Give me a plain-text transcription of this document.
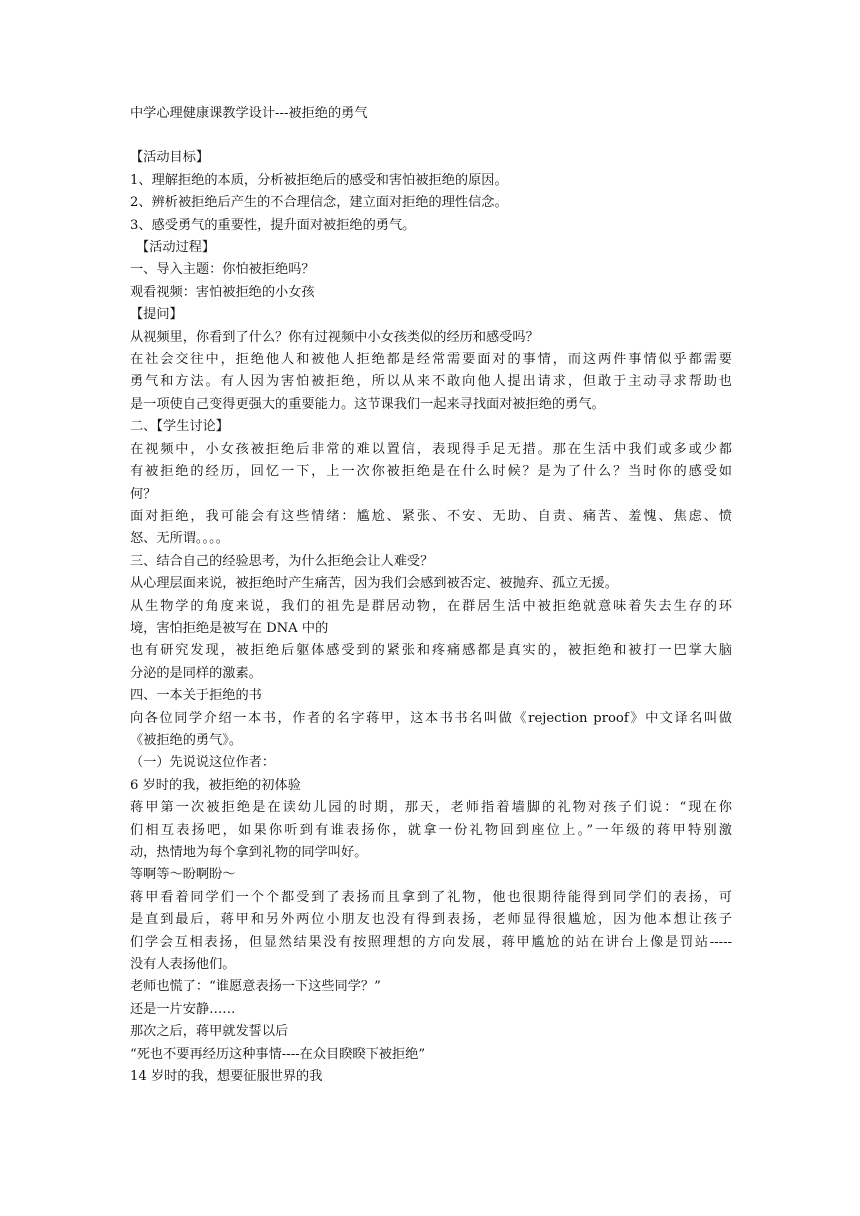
中学心理健康课教学设计---被拒绝的勇气
【活动目标】
1、理解拒绝的本质，分析被拒绝后的感受和害怕被拒绝的原因。
2、辨析被拒绝后产生的不合理信念，建立面对拒绝的理性信念。
3、感受勇气的重要性，提升面对被拒绝的勇气。
【活动过程】
一、导入主题：你怕被拒绝吗？
观看视频：害怕被拒绝的小女孩
【提问】
从视频里，你看到了什么？你有过视频中小女孩类似的经历和感受吗？
在社会交往中，拒绝他人和被他人拒绝都是经常需要面对的事情，而这两件事情似乎都需要
勇气和方法。有人因为害怕被拒绝，所以从来不敢向他人提出请求，但敢于主动寻求帮助也
是一项使自己变得更强大的重要能力。这节课我们一起来寻找面对被拒绝的勇气。
二、【学生讨论】
在视频中，小女孩被拒绝后非常的难以置信，表现得手足无措。那在生活中我们或多或少都
有被拒绝的经历，回忆一下，上一次你被拒绝是在什么时候？是为了什么？当时你的感受如
何？
面对拒绝，我可能会有这些情绪：尴尬、紧张、不安、无助、自责、痛苦、羞愧、焦虑、愤
怒、无所谓。。。。
三、结合自己的经验思考，为什么拒绝会让人难受？
从心理层面来说，被拒绝时产生痛苦，因为我们会感到被否定、被抛弃、孤立无援。
从生物学的角度来说，我们的祖先是群居动物，在群居生活中被拒绝就意味着失去生存的环
境，害怕拒绝是被写在 DNA 中的
也有研究发现，被拒绝后躯体感受到的紧张和疼痛感都是真实的，被拒绝和被打一巴掌大脑
分泌的是同样的激素。
四、一本关于拒绝的书
向各位同学介绍一本书，作者的名字蒋甲，这本书书名叫做《rejection proof》中文译名叫做
《被拒绝的勇气》。
（一）先说说这位作者：
6 岁时的我，被拒绝的初体验
蒋甲第一次被拒绝是在读幼儿园的时期，那天，老师指着墙脚的礼物对孩子们说：“现在你
们相互表扬吧，如果你听到有谁表扬你，就拿一份礼物回到座位上。”一年级的蒋甲特别激
动，热情地为每个拿到礼物的同学叫好。
等啊等～盼啊盼～
蒋甲看着同学们一个个都受到了表扬而且拿到了礼物，他也很期待能得到同学们的表扬，可
是直到最后，蒋甲和另外两位小朋友也没有得到表扬，老师显得很尴尬，因为他本想让孩子
们学会互相表扬，但显然结果没有按照理想的方向发展，蒋甲尴尬的站在讲台上像是罚站-----
没有人表扬他们。
老师也慌了：“谁愿意表扬一下这些同学？”
还是一片安静……
那次之后，蒋甲就发誓以后
“死也不要再经历这种事情----在众目睽睽下被拒绝”
14 岁时的我，想要征服世界的我
